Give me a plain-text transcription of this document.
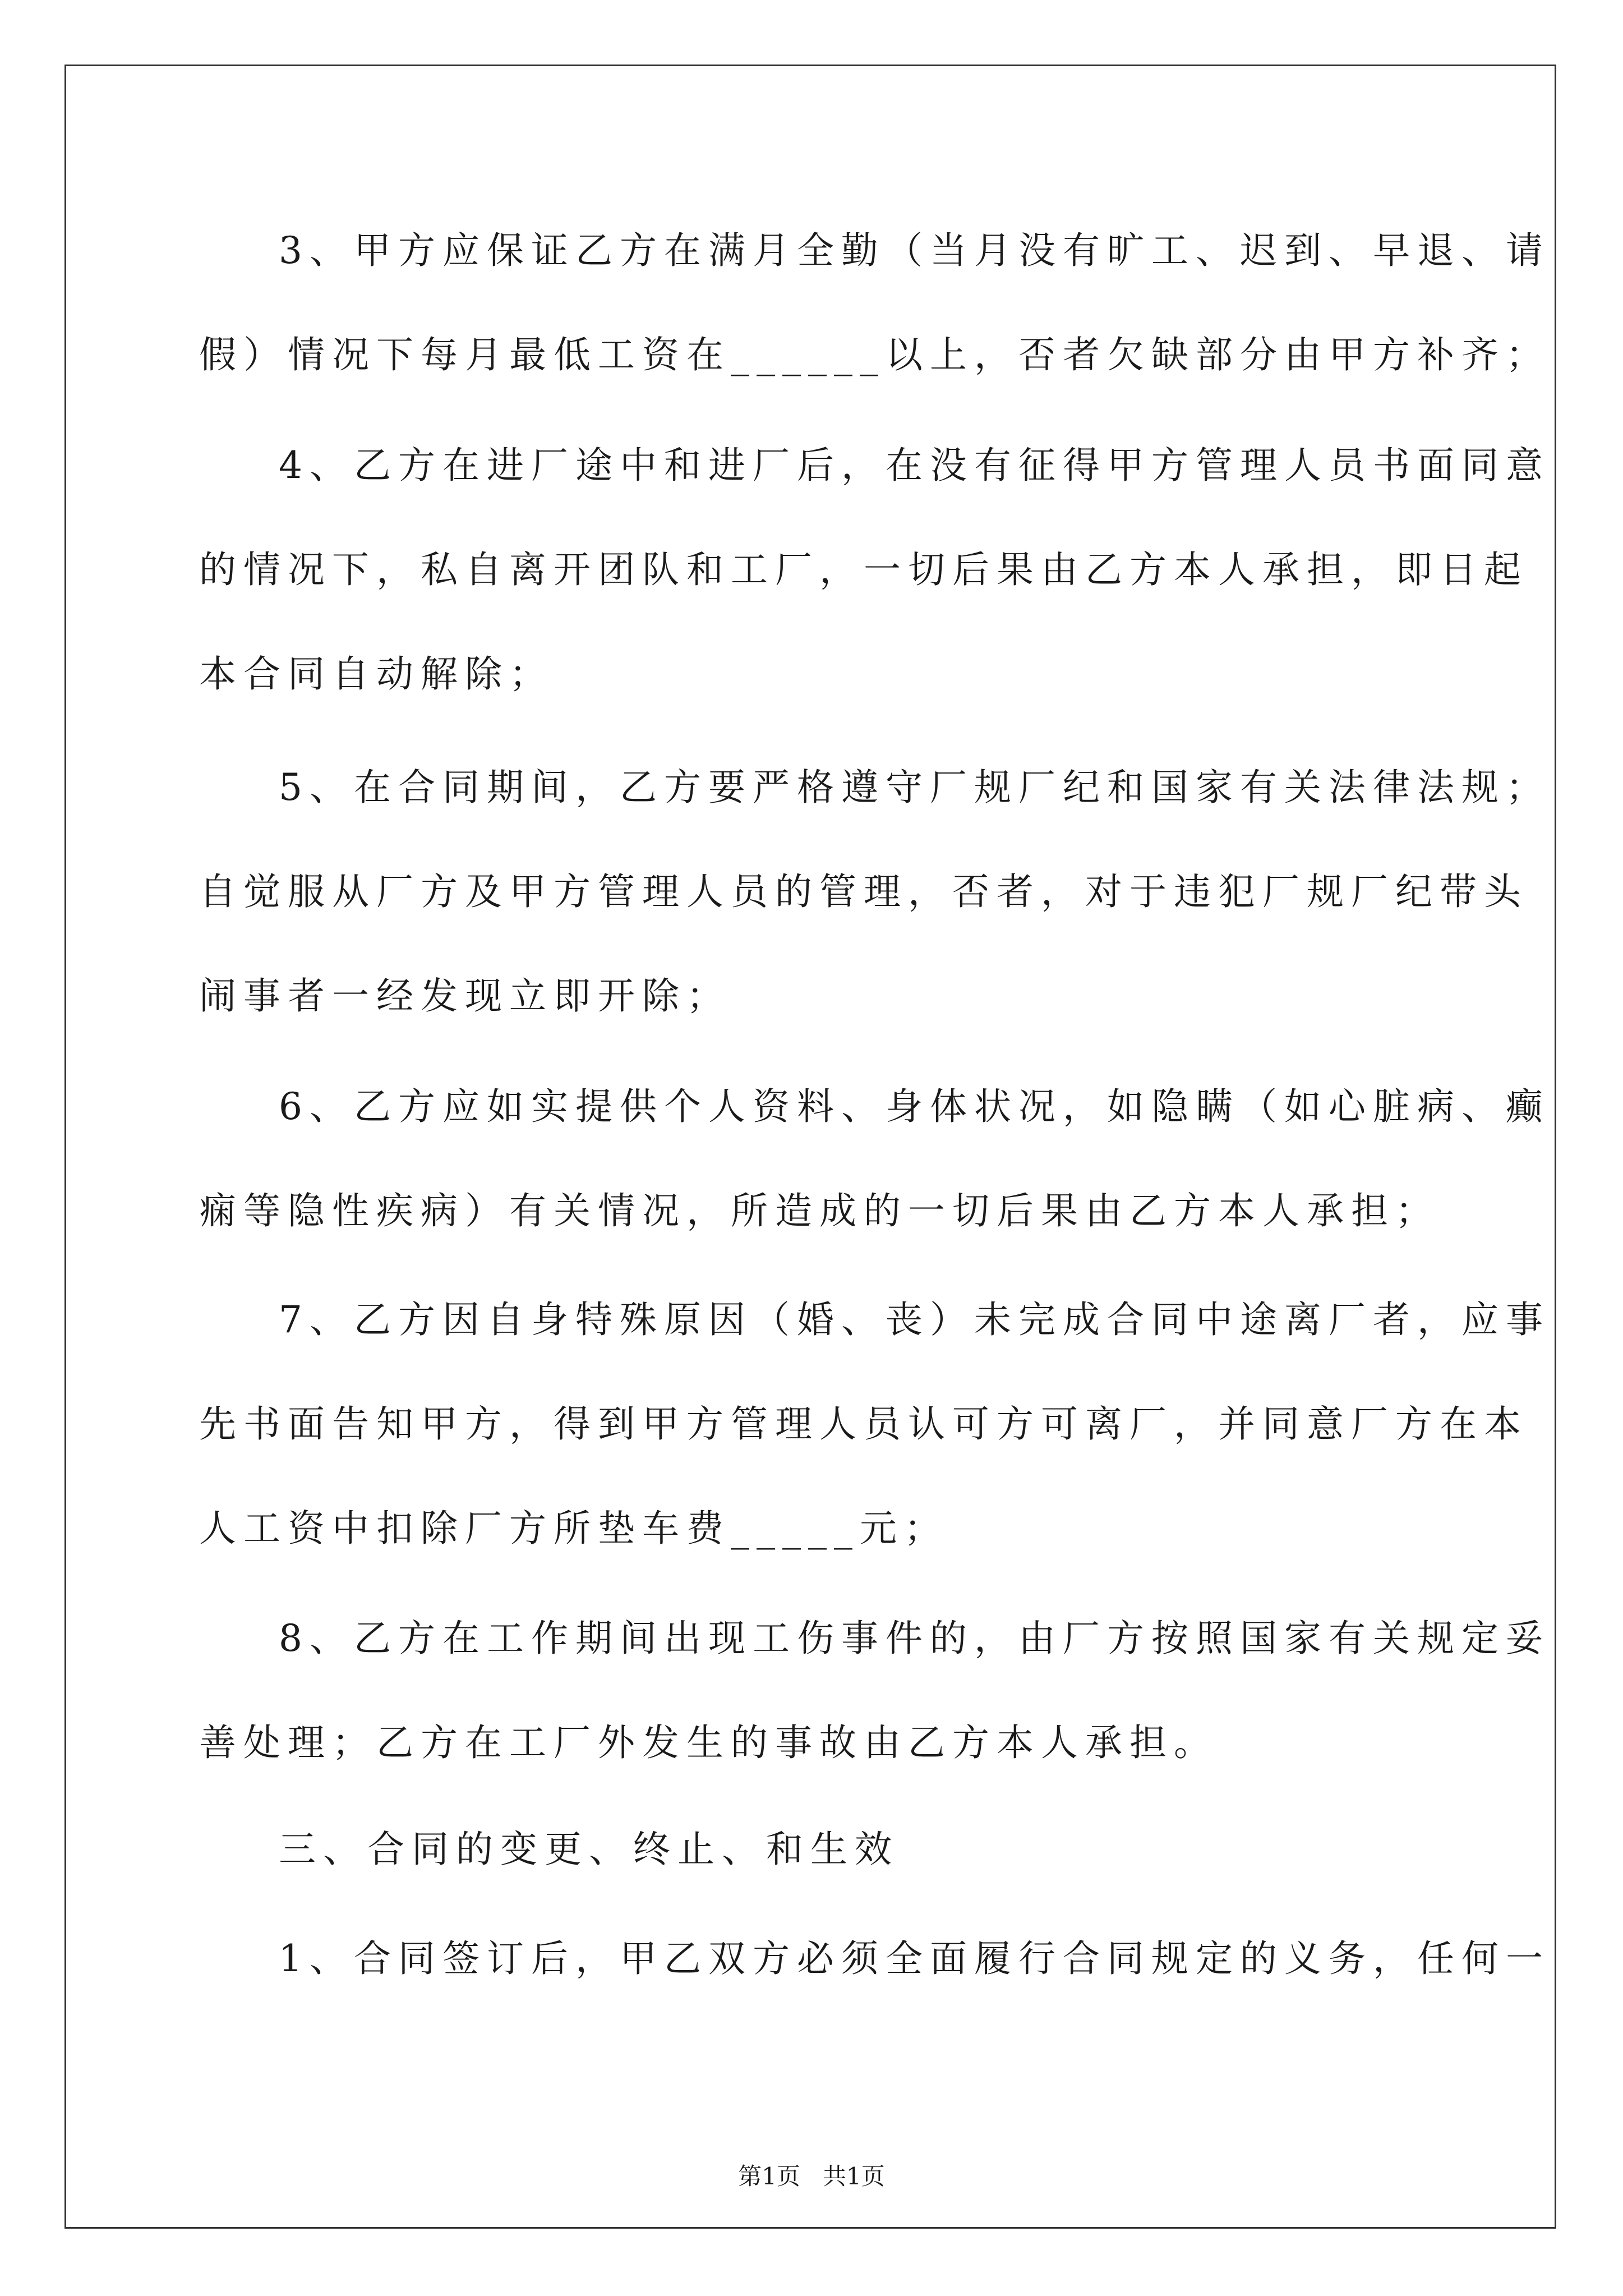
3、甲方应保证乙方在满月全勤（当月没有旷工、迟到、早退、请
假）情况下每月最低工资在______以上，否者欠缺部分由甲方补齐；
4、乙方在进厂途中和进厂后，在没有征得甲方管理人员书面同意
的情况下，私自离开团队和工厂，一切后果由乙方本人承担，即日起
本合同自动解除；
5、在合同期间，乙方要严格遵守厂规厂纪和国家有关法律法规；
自觉服从厂方及甲方管理人员的管理，否者，对于违犯厂规厂纪带头
闹事者一经发现立即开除；
6、乙方应如实提供个人资料、身体状况，如隐瞒（如心脏病、癫
痫等隐性疾病）有关情况，所造成的一切后果由乙方本人承担；
7、乙方因自身特殊原因（婚、丧）未完成合同中途离厂者，应事
先书面告知甲方，得到甲方管理人员认可方可离厂，并同意厂方在本
人工资中扣除厂方所垫车费_____元；
8、乙方在工作期间出现工伤事件的，由厂方按照国家有关规定妥
善处理；乙方在工厂外发生的事故由乙方本人承担。
三、合同的变更、终止、和生效
1、合同签订后，甲乙双方必须全面履行合同规定的义务，任何一
第1页   共1页
